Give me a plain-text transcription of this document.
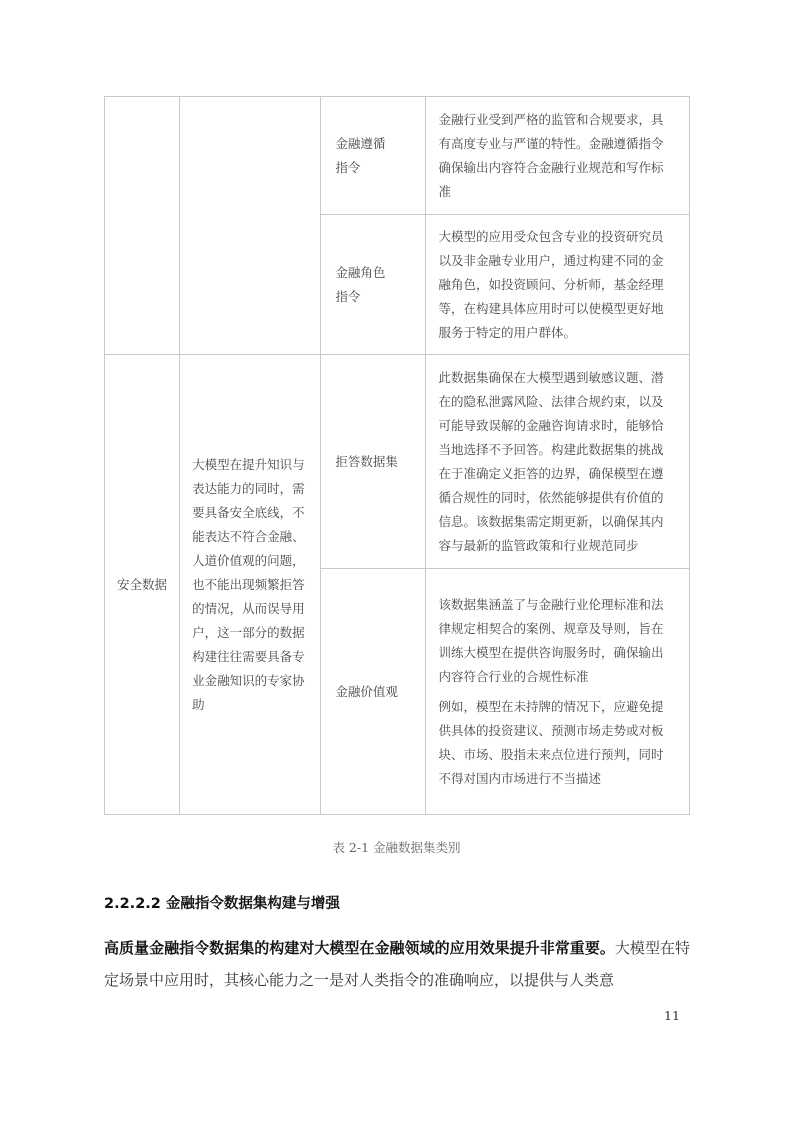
		金融遵循指令	金融行业受到严格的监管和合规要求，具有高度专业与严谨的特性。金融遵循指令确保输出内容符合金融行业规范和写作标准

		金融角色指令	大模型的应用受众包含专业的投资研究员以及非金融专业用户，通过构建不同的金融角色，如投资顾问、分析师，基金经理等，在构建具体应用时可以使模型更好地服务于特定的用户群体。

安全数据	大模型在提升知识与表达能力的同时，需要具备安全底线，不能表达不符合金融、人道价值观的问题，也不能出现频繁拒答的情况，从而误导用户，这一部分的数据构建往往需要具备专业金融知识的专家协助	拒答数据集	此数据集确保在大模型遇到敏感议题、潜在的隐私泄露风险、法律合规约束，以及可能导致误解的金融咨询请求时，能够恰当地选择不予回答。构建此数据集的挑战在于准确定义拒答的边界，确保模型在遵循合规性的同时，依然能够提供有价值的信息。该数据集需定期更新，以确保其内容与最新的监管政策和行业规范同步

		金融价值观	该数据集涵盖了与金融行业伦理标准和法律规定相契合的案例、规章及导则，旨在训练大模型在提供咨询服务时，确保输出内容符合行业的合规性标准
例如，模型在未持牌的情况下，应避免提供具体的投资建议、预测市场走势或对板块、市场、股指未来点位进行预判，同时不得对国内市场进行不当描述
表 2-1 金融数据集类别
2.2.2.2 金融指令数据集构建与增强
高质量金融指令数据集的构建对大模型在金融领域的应用效果提升非常重要。大模型在特定场景中应用时，其核心能力之一是对人类指令的准确响应，以提供与人类意
11
